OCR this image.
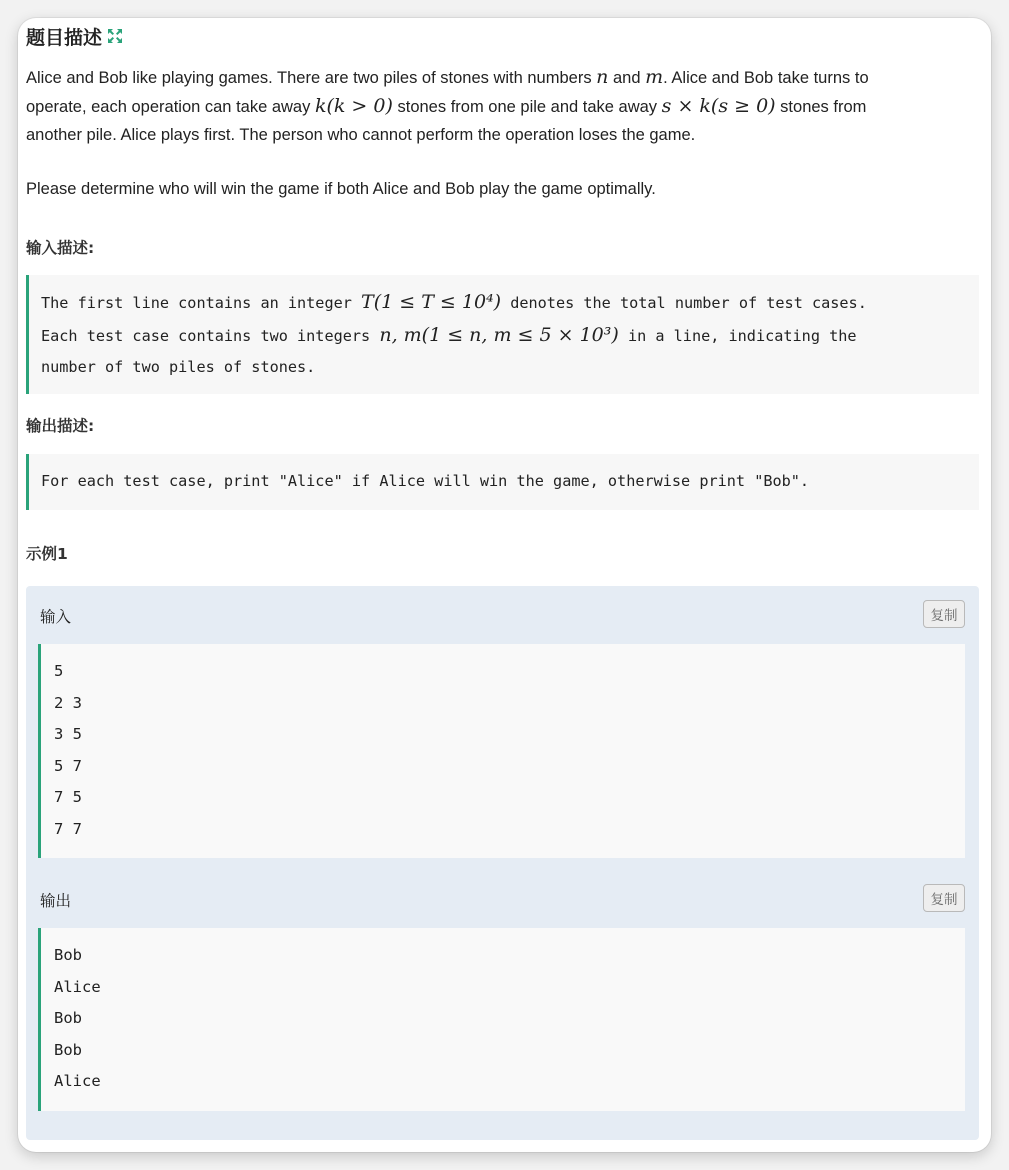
题目描述
Alice and Bob like playing games. There are two piles of stones with numbers n and m. Alice and Bob take turns to
operate, each operation can take away k(k > 0) stones from one pile and take away s × k(s ≥ 0) stones from
another pile. Alice plays first. The person who cannot perform the operation loses the game.
Please determine who will win the game if both Alice and Bob play the game optimally.
输入描述:
The first line contains an integer T(1 ≤ T ≤ 10⁴) denotes the total number of test cases.
Each test case contains two integers n, m(1 ≤ n, m ≤ 5 × 10³) in a line, indicating the
number of two piles of stones.
输出描述:
For each test case, print "Alice" if Alice will win the game, otherwise print "Bob".
示例1
输入	复制
5
2 3
3 5
5 7
7 5
7 7
输出	复制
Bob
Alice
Bob
Bob
Alice
